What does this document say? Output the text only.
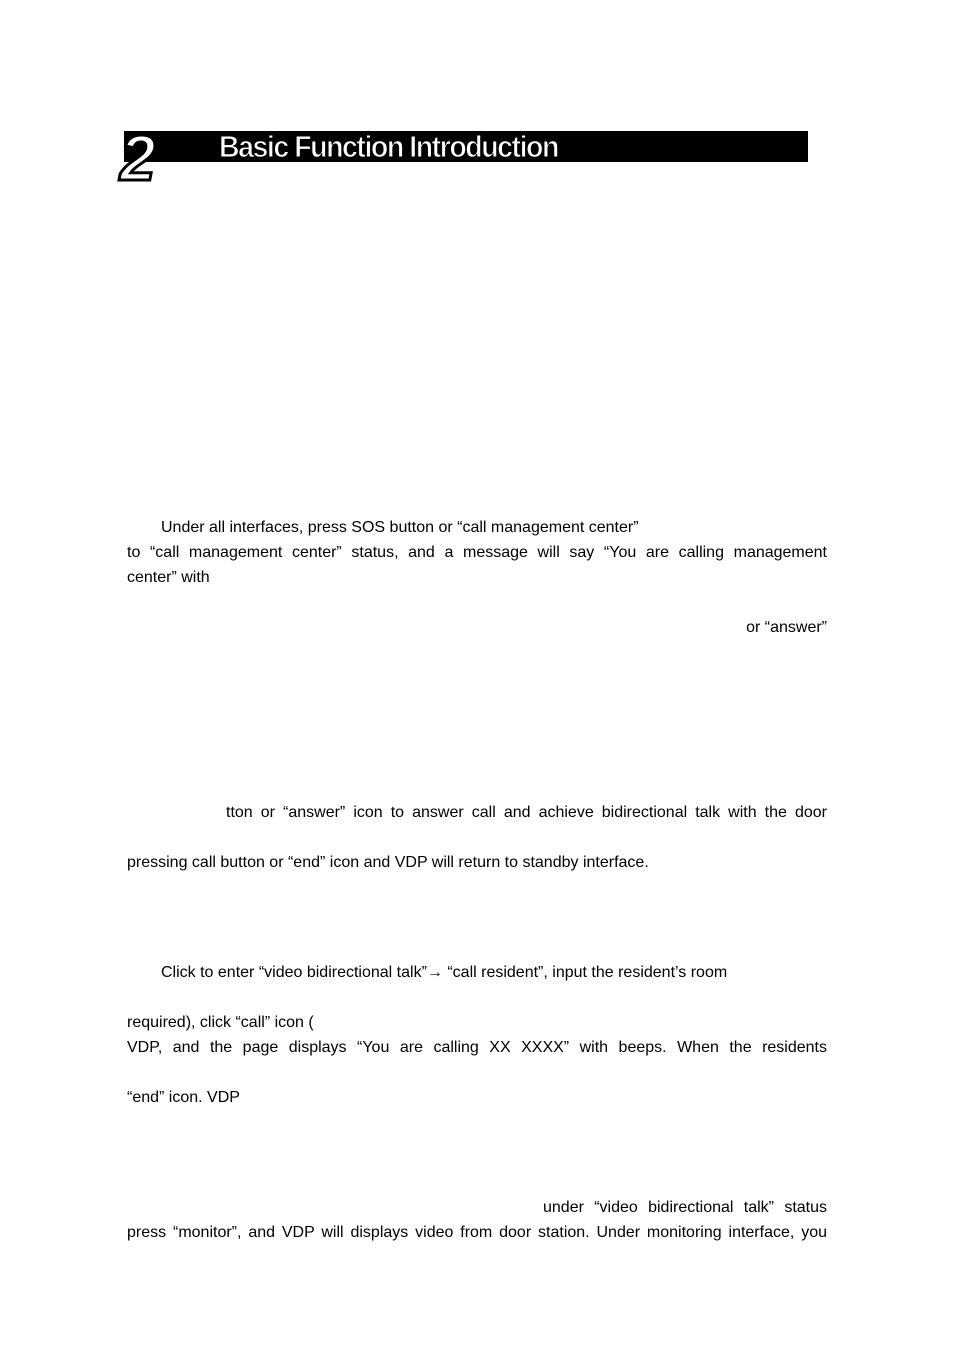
2 Basic Function Introduction
Under all interfaces, press SOS button or “call management center”
to “call management center” status, and a message will say “You are calling management
center” with
or “answer”
tton or “answer” icon to answer call and achieve bidirectional talk with the door
pressing call button or “end” icon and VDP will return to standby interface.
Click to enter “video bidirectional talk”→ “call resident”, input the resident’s room
required), click “call” icon (
VDP, and the page displays “You are calling XX XXXX” with beeps. When the residents
“end” icon. VDP
under “video bidirectional talk” status
press “monitor”, and VDP will displays video from door station. Under monitoring interface, you
